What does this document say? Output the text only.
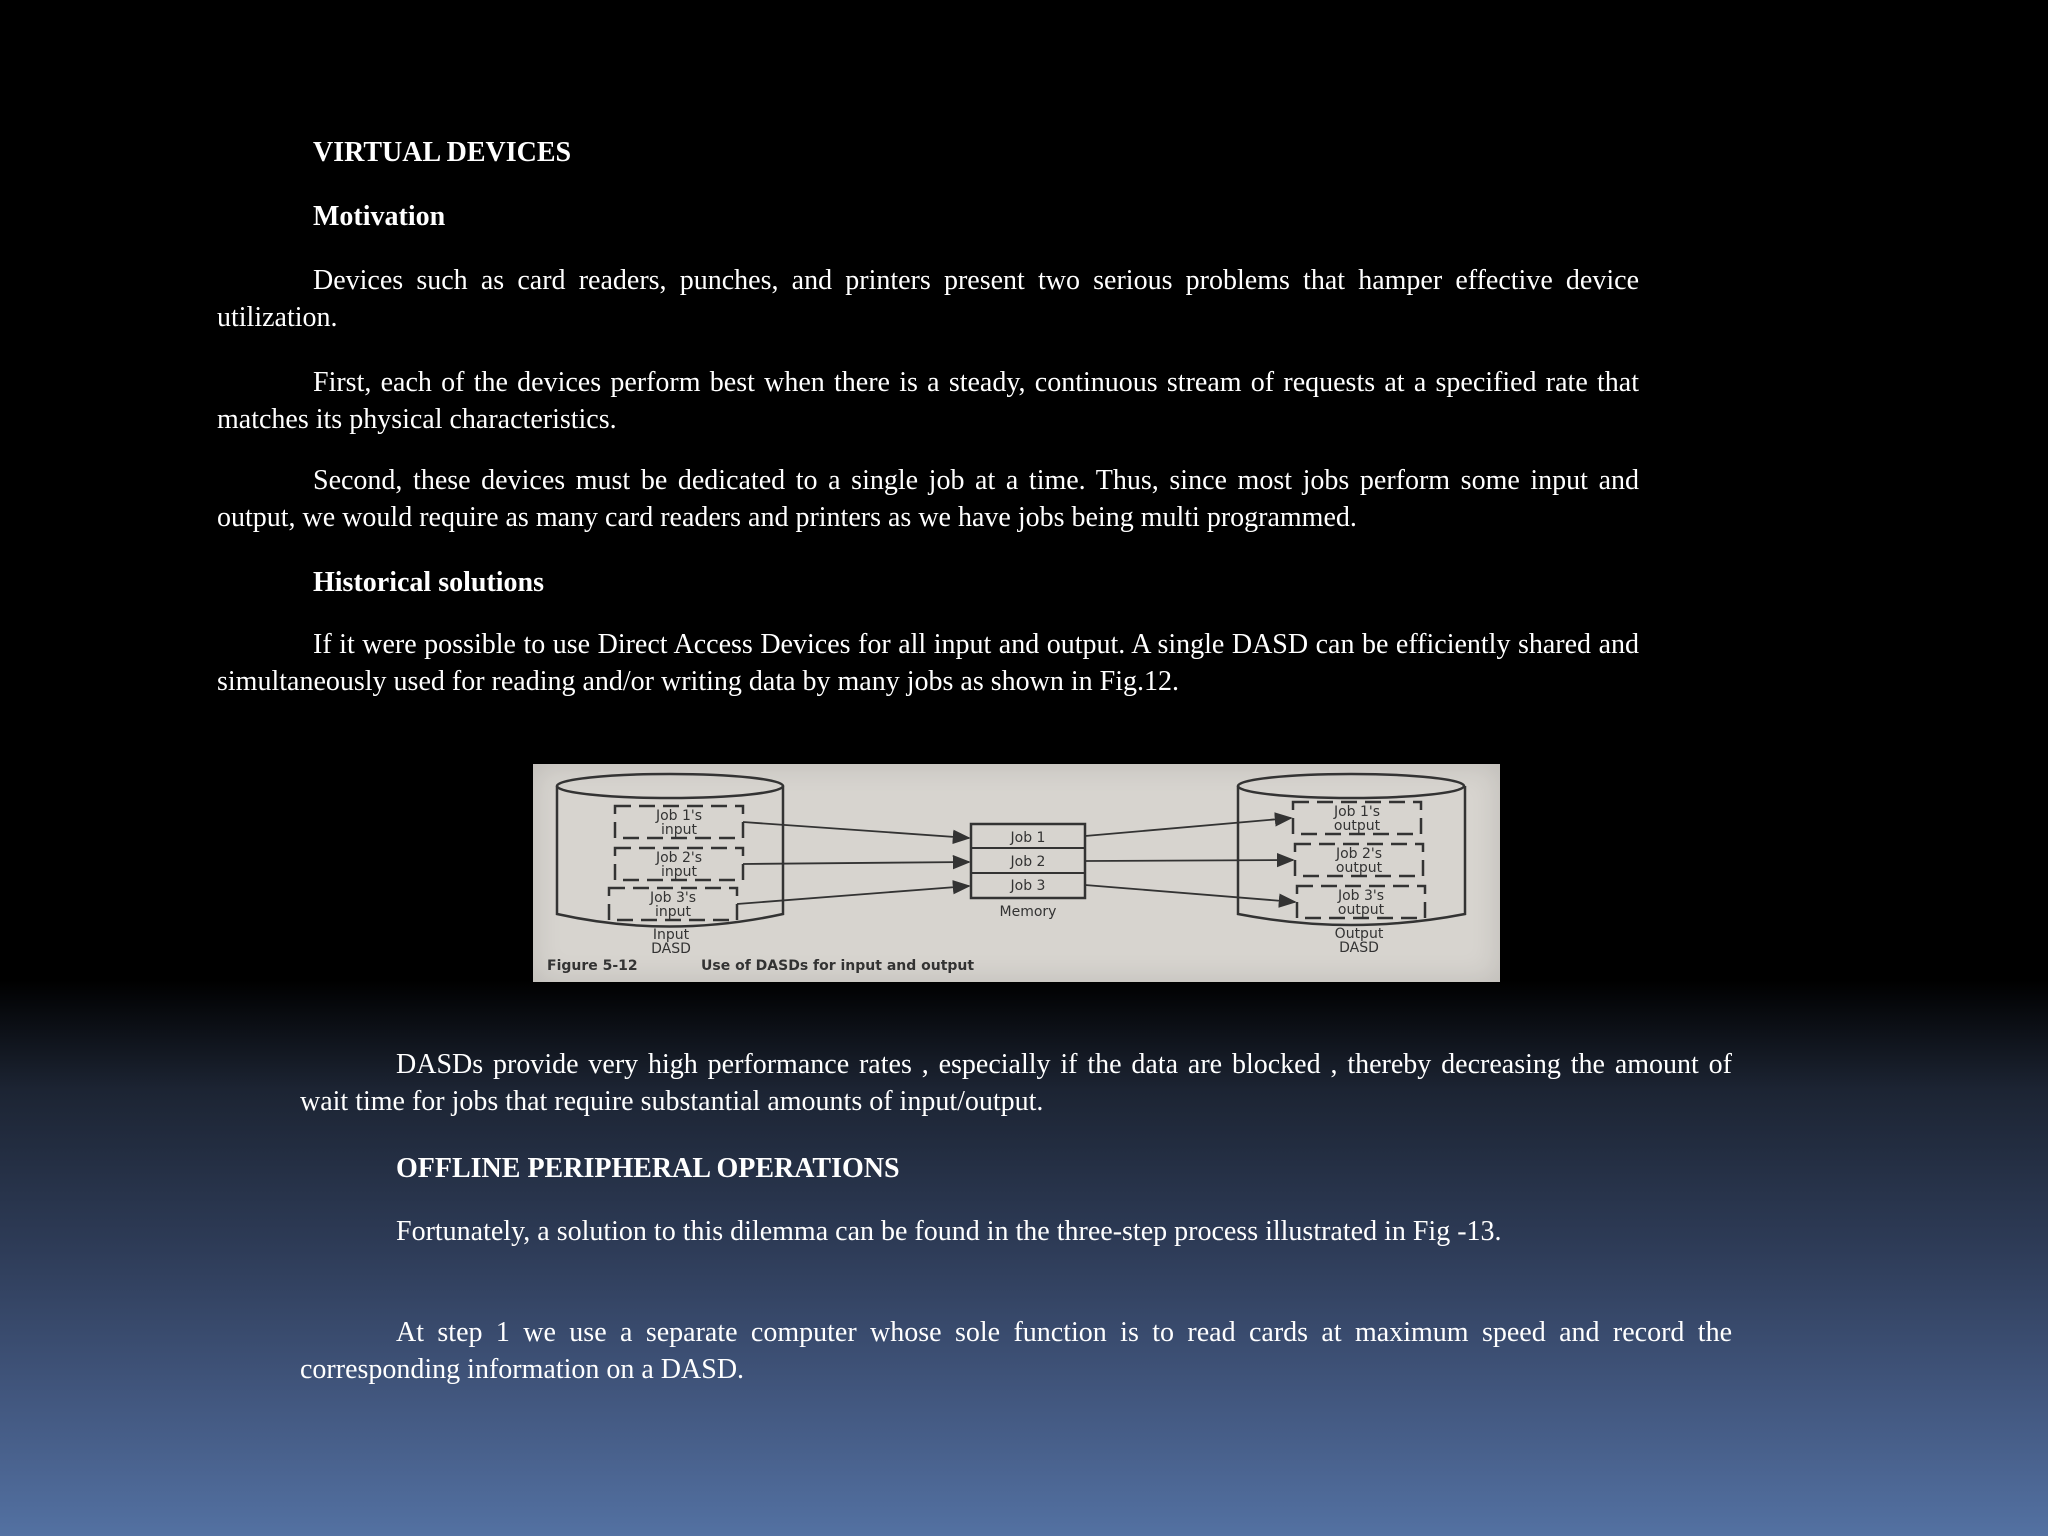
VIRTUAL DEVICES
Motivation
Devices such as card readers, punches, and printers present two serious problems that hamper effective device utilization.
First, each of the devices perform best when there is a steady, continuous stream of requests at a specified rate that matches its physical characteristics.
Second, these devices must be dedicated to a single job at a time. Thus, since most jobs perform some input and output, we would require as many card readers and printers as we have jobs being multi programmed.
Historical solutions
If it were possible to use Direct Access Devices for all input and output. A single DASD can be efficiently shared and simultaneously used for reading and/or writing data by many jobs as shown in Fig.12.
Job 1's
input
Job 2's
input
Job 3's
input
Input
DASD
Job 1
Job 2
Job 3
Memory
Job 1's
output
Job 2's
output
Job 3's
output
Output
DASD
Figure 5-12	Use of DASDs for input and output
DASDs provide very high performance rates , especially if the data are blocked , thereby decreasing the amount of wait time for jobs that require substantial amounts of input/output.
OFFLINE PERIPHERAL OPERATIONS
Fortunately, a solution to this dilemma can be found in the three-step process illustrated in Fig -13.
At step 1 we use a separate computer whose sole function is to read cards at maximum speed and record the corresponding information on a DASD.
